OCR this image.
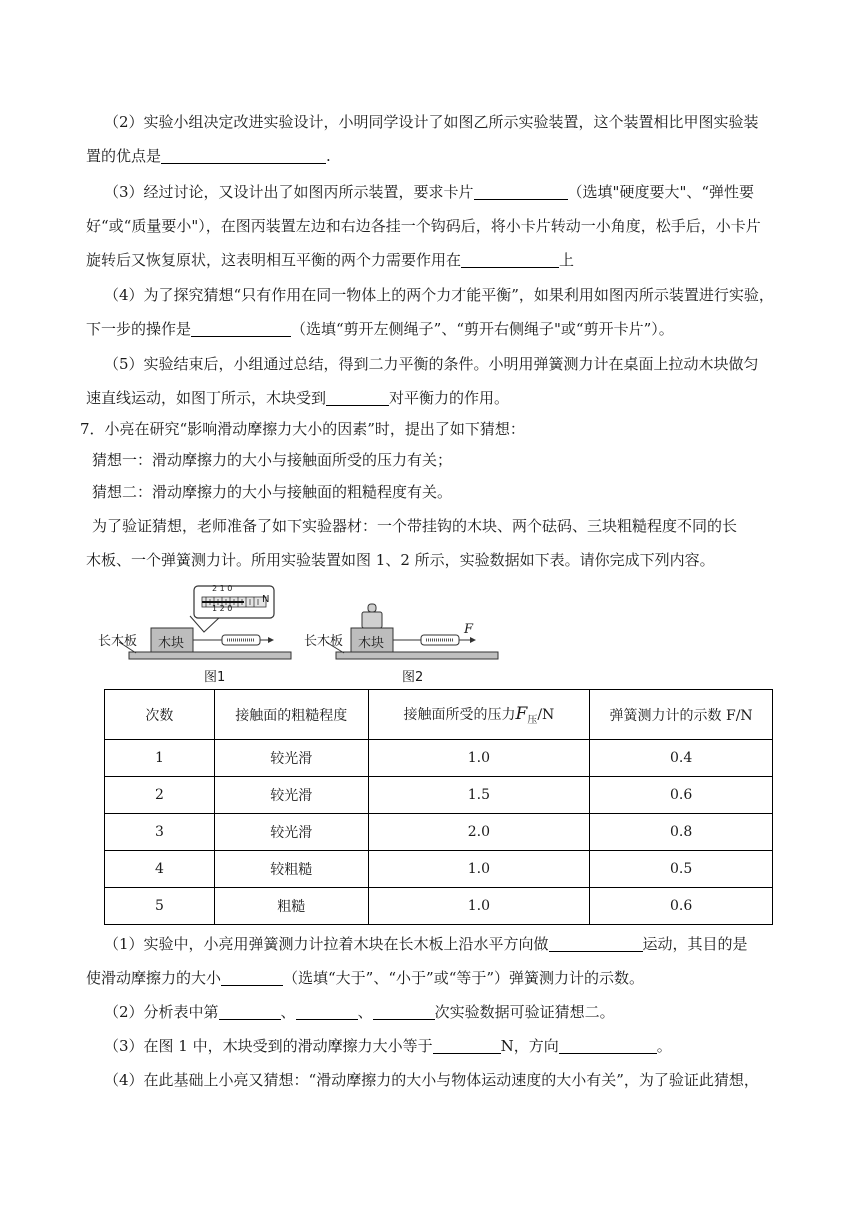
（2）实验小组决定改进实验设计，小明同学设计了如图乙所示实验装置，这个装置相比甲图实验装
置的优点是	.
（3）经过讨论，又设计出了如图丙所示装置，要求卡片	（选填"硬度要大"、“弹性要
好“或“质量要小"），在图丙装置左边和右边各挂一个钩码后，将小卡片转动一小角度，松手后，小卡片
旋转后又恢复原状，这表明相互平衡的两个力需要作用在	上
（4）为了探究猜想“只有作用在同一物体上的两个力才能平衡”，如果利用如图丙所示装置进行实验，
下一步的操作是	（选填“剪开左侧绳子”、“剪开右侧绳子"或“剪开卡片”）。
（5）实验结束后，小组通过总结，得到二力平衡的条件。小明用弹簧测力计在桌面上拉动木块做匀
速直线运动，如图丁所示，木块受到	对平衡力的作用。
7．小亮在研究“影响滑动摩擦力大小的因素”时，提出了如下猜想：
猜想一：滑动摩擦力的大小与接触面所受的压力有关；
猜想二：滑动摩擦力的大小与接触面的粗糙程度有关。
为了验证猜想，老师准备了如下实验器材：一个带挂钩的木块、两个砝码、三块粗糙程度不同的长
木板、一个弹簧测力计。所用实验装置如图 1、2 所示，实验数据如下表。请你完成下列内容。
2 1 0
1 2 0
N
长木板 木块
图1
长木板 木块
F
图2
次数	接触面的粗糙程度	接触面所受的压力$F_压/N$	弹簧测力计的示数 F/N
1	较光滑	1.0	0.4
2	较光滑	1.5	0.6
3	较光滑	2.0	0.8
4	较粗糙	1.0	0.5
5	粗糙	1.0	0.6
（1）实验中，小亮用弹簧测力计拉着木块在长木板上沿水平方向做	运动，其目的是
使滑动摩擦力的大小	（选填“大于”、“小于”或“等于”）弹簧测力计的示数。
（2）分析表中第	、	、	次实验数据可验证猜想二。
（3）在图 1 中，木块受到的滑动摩擦力大小等于	N，方向	。
（4）在此基础上小亮又猜想：“滑动摩擦力的大小与物体运动速度的大小有关”，为了验证此猜想，
